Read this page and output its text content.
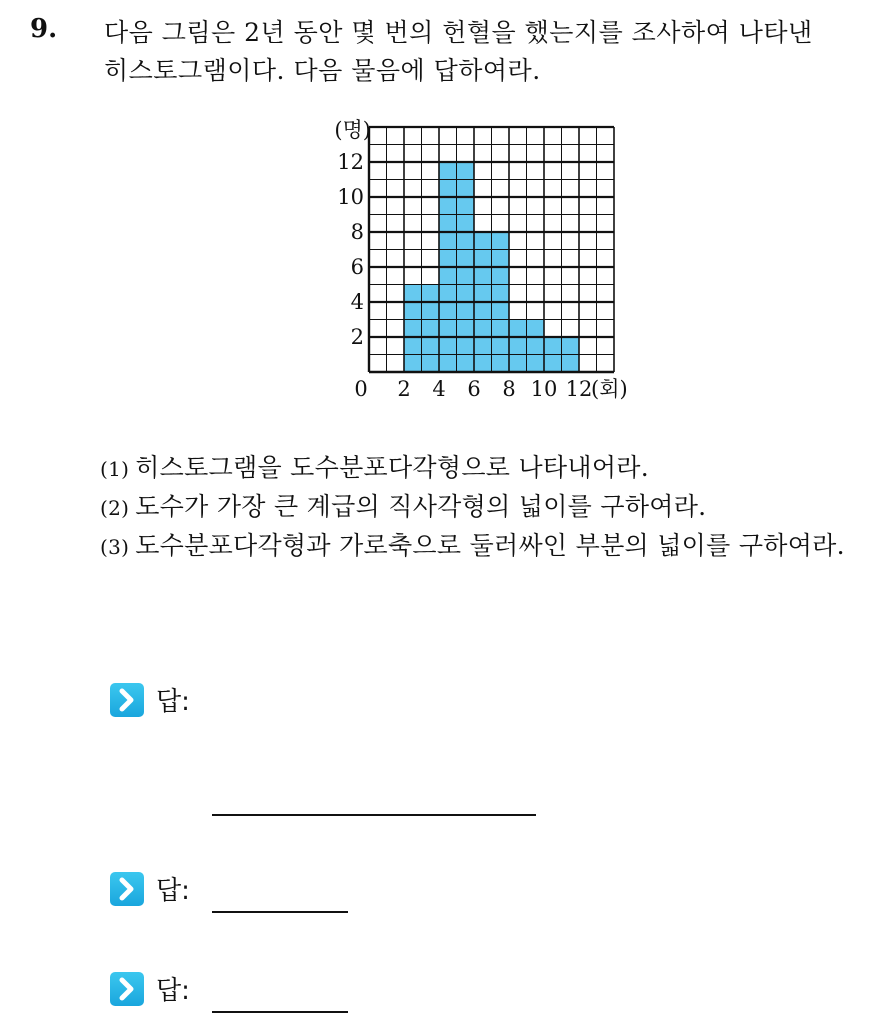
9. 다음 그림은 2년 동안 몇 번의 헌혈을 했는지를 조사하여 나타낸
히스토그램이다. 다음 물음에 답하여라.
2
4
6
8
10
12
0 2 4 6 8 10 12
(명)
(회)
(1) 히스토그램을 도수분포다각형으로 나타내어라.
(2) 도수가 가장 큰 계급의 직사각형의 넓이를 구하여라.
(3) 도수분포다각형과 가로축으로 둘러싸인 부분의 넓이를 구하여라.
답:
답:
답:
